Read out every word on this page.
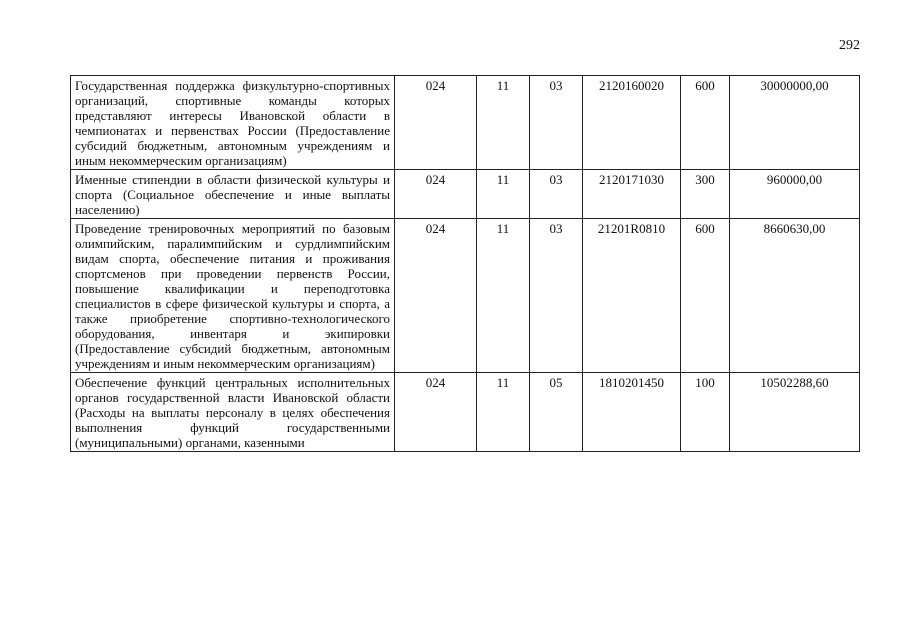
292
Государственная поддержка физкультурно-спортивных организаций, спортивные команды которых представляют интересы Ивановской области в чемпионатах и первенствах России (Предоставление субсидий бюджетным, автономным учреждениям и иным некоммерческим организациям)	024	11	03	2120160020	600	30000000,00
Именные стипендии в области физической культуры и спорта (Социальное обеспечение и иные выплаты населению)	024	11	03	2120171030	300	960000,00
Проведение тренировочных мероприятий по базовым олимпийским, паралимпийским и сурдлимпийским видам спорта, обеспечение питания и проживания спортсменов при проведении первенств России, повышение квалификации и переподготовка специалистов в сфере физической культуры и спорта, а также приобретение спортивно-технологического оборудования, инвентаря и экипировки (Предоставление субсидий бюджетным, автономным учреждениям и иным некоммерческим организациям)	024	11	03	21201R0810	600	8660630,00
Обеспечение функций центральных исполнительных органов государственной власти Ивановской области (Расходы на выплаты персоналу в целях обеспечения выполнения функций государственными (муниципальными) органами, казенными	024	11	05	1810201450	100	10502288,60
